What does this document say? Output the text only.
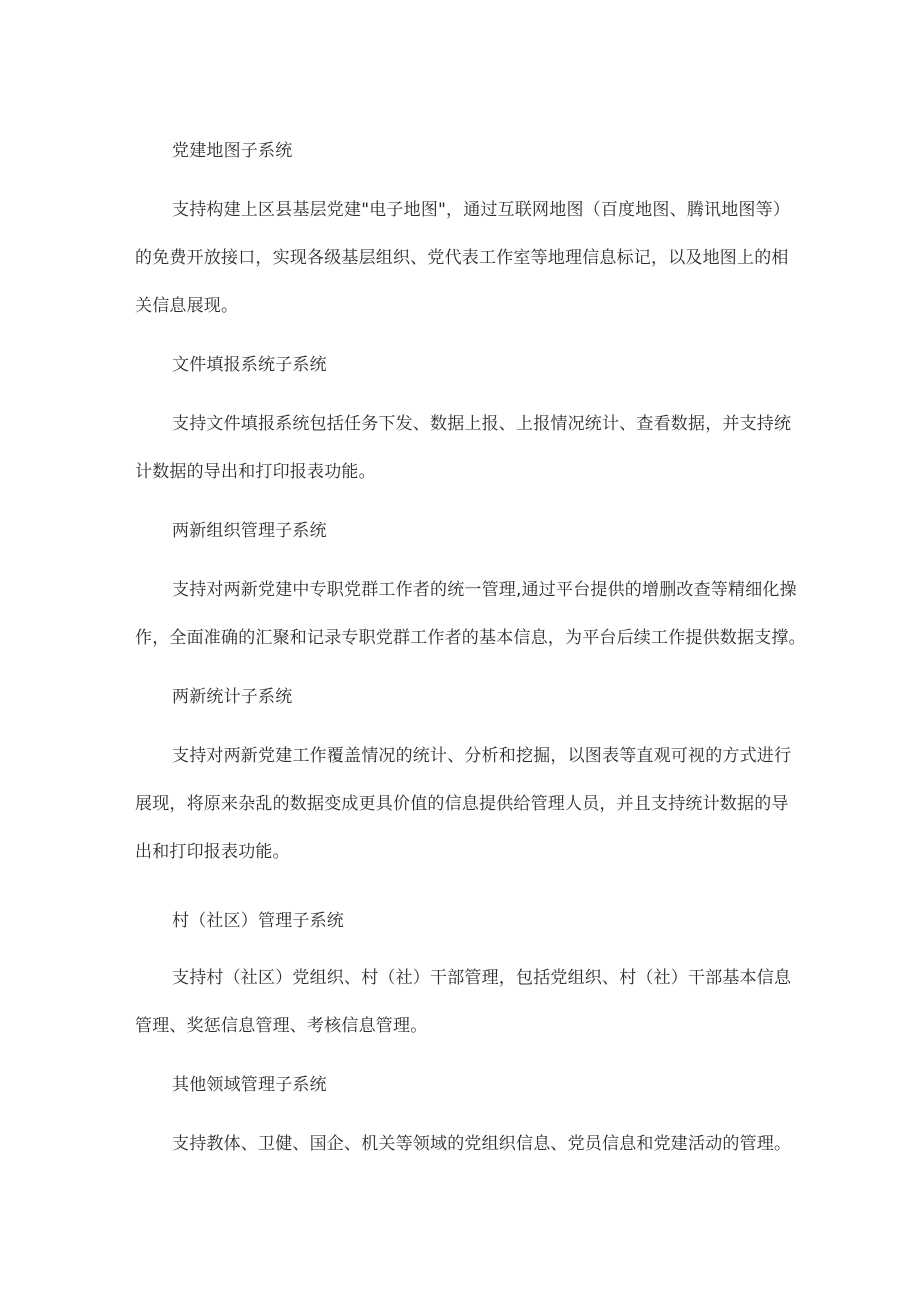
党建地图子系统
支持构建上区县基层党建"电子地图"，通过互联网地图（百度地图、腾讯地图等）
的免费开放接口，实现各级基层组织、党代表工作室等地理信息标记，以及地图上的相
关信息展现。
文件填报系统子系统
支持文件填报系统包括任务下发、数据上报、上报情况统计、查看数据，并支持统
计数据的导出和打印报表功能。
两新组织管理子系统
支持对两新党建中专职党群工作者的统一管理,通过平台提供的增删改查等精细化操
作，全面准确的汇聚和记录专职党群工作者的基本信息，为平台后续工作提供数据支撑。
两新统计子系统
支持对两新党建工作覆盖情况的统计、分析和挖掘，以图表等直观可视的方式进行
展现，将原来杂乱的数据变成更具价值的信息提供给管理人员，并且支持统计数据的导
出和打印报表功能。
村（社区）管理子系统
支持村（社区）党组织、村（社）干部管理，包括党组织、村（社）干部基本信息
管理、奖惩信息管理、考核信息管理。
其他领域管理子系统
支持教体、卫健、国企、机关等领域的党组织信息、党员信息和党建活动的管理。
